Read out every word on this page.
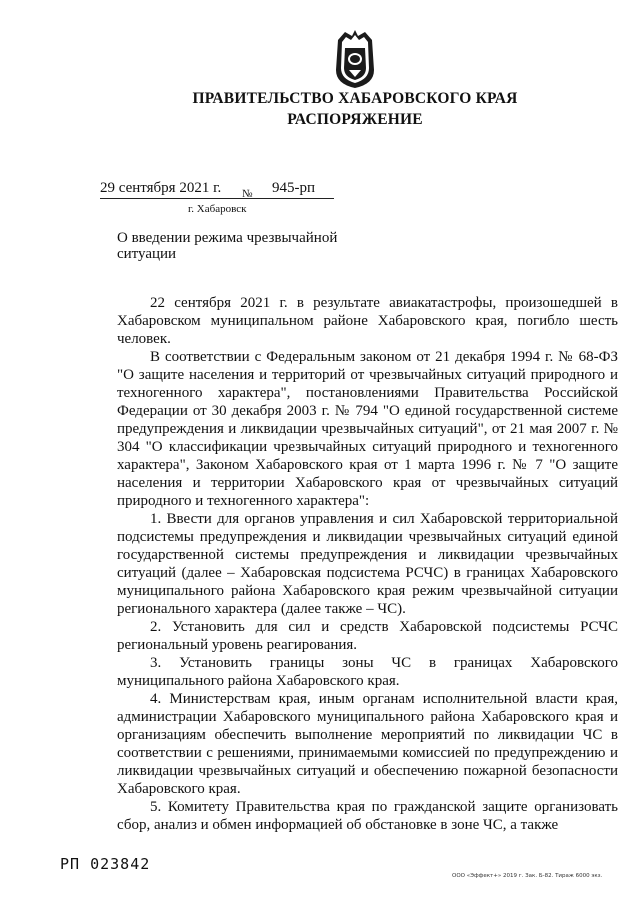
ПРАВИТЕЛЬСТВО ХАБАРОВСКОГО КРАЯ
РАСПОРЯЖЕНИЕ
29 сентября 2021 г. № 945-рп
г. Хабаровск
О введении режима чрезвычайной ситуации

22 сентября 2021 г. в результате авиакатастрофы, произошедшей в Хабаровском муниципальном районе Хабаровского края, погибло шесть человек.

В соответствии с Федеральным законом от 21 декабря 1994 г. № 68-ФЗ "О защите населения и территорий от чрезвычайных ситуаций природного и техногенного характера", постановлениями Правительства Российской Федерации от 30 декабря 2003 г. № 794 "О единой государственной системе предупреждения и ликвидации чрезвычайных ситуаций", от 21 мая 2007 г. № 304 "О классификации чрезвычайных ситуаций природного и техногенного характера", Законом Хабаровского края от 1 марта 1996 г. № 7 "О защите населения и территории Хабаровского края от чрезвычайных ситуаций природного и техногенного характера":

1. Ввести для органов управления и сил Хабаровской территориальной подсистемы предупреждения и ликвидации чрезвычайных ситуаций единой государственной системы предупреждения и ликвидации чрезвычайных ситуаций (далее – Хабаровская подсистема РСЧС) в границах Хабаровского муниципального района Хабаровского края режим чрезвычайной ситуации регионального характера (далее также – ЧС).

2. Установить для сил и средств Хабаровской подсистемы РСЧС региональный уровень реагирования.

3. Установить границы зоны ЧС в границах Хабаровского муниципального района Хабаровского края.

4. Министерствам края, иным органам исполнительной власти края, администрации Хабаровского муниципального района Хабаровского края и организациям обеспечить выполнение мероприятий по ликвидации ЧС в соответствии с решениями, принимаемыми комиссией по предупреждению и ликвидации чрезвычайных ситуаций и обеспечению пожарной безопасности Хабаровского края.

5. Комитету Правительства края по гражданской защите организовать сбор, анализ и обмен информацией об обстановке в зоне ЧС, а также

РП 023842
ООО «Эффект+» 2019 г. Зак. Б-82. Тираж 6000 экз.
